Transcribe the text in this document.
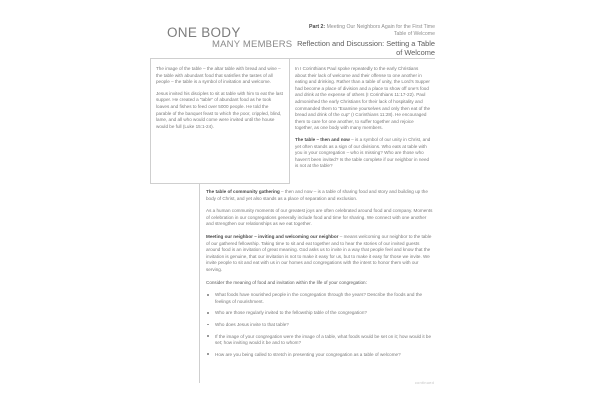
ONE BODY
MANY MEMBERS
Part 2: Meeting Our Neighbors Again for the First Time
Table of Welcome
Reflection and Discussion: Setting a Table
of Welcome

The image of the table – the altar table with bread and wine – the table with abundant food that satisfies the tastes of all people – the table is a symbol of invitation and welcome.

Jesus invited his disciples to sit at table with him to eat the last supper. He created a “table” of abundant food as he took loaves and fishes to feed over 5000 people. He told the parable of the banquet feast to which the poor, crippled, blind, lame, and all who would come were invited until the house would be full (Luke 15:1-24).

In I Corinthians Paul spoke repeatedly to the early Christians about their lack of welcome and their offense to one another in eating and drinking. Rather than a table of unity, the Lord’s Supper had become a place of division and a place to show off one’s food and drink at the expense of others (I Corinthians 11:17-22). Paul admonished the early Christians for their lack of hospitality and commanded them to “Examine yourselves and only then eat of the bread and drink of the cup” (I Corinthians 11:28). He encouraged them to care for one another, to suffer together and rejoice together, as one body with many members.

The table – then and now – is a symbol of our unity in Christ, and yet often stands as a sign of our divisions. Who eats at table with you in your congregation – who is missing? Who are those who haven’t been invited? Is the table complete if our neighbor in need is not at the table?

The table of community gathering – then and now – is a table of sharing food and story and building up the body of Christ, and yet also stands as a place of separation and exclusion.

As a human community moments of our greatest joys are often celebrated around food and company. Moments of celebration in our congregations generally include food and time for sharing. We connect with one another and strengthen our relationships as we eat together.

Meeting our neighbor – inviting and welcoming our neighbor – means welcoming our neighbor to the table of our gathered fellowship. Taking time to sit and eat together and to hear the stories of our invited guests around food is an invitation of great meaning. God asks us to invite in a way that people feel and know that the invitation is genuine, that our invitation is not to make it easy for us, but to make it easy for those we invite. We invite people to sit and eat with us in our homes and congregations with the intent to honor them with our serving.

Consider the meaning of food and invitation within the life of your congregation:

What foods have nourished people in the congregation through the years? Describe the foods and the feelings of nourishment.
Who are those regularly invited to the fellowship table of the congregation?
Who does Jesus invite to that table?
If the image of your congregation were the image of a table, what foods would be set on it; how would it be set; how inviting would it be and to whom?
How are you being called to stretch in presenting your congregation as a table of welcome?
continued
